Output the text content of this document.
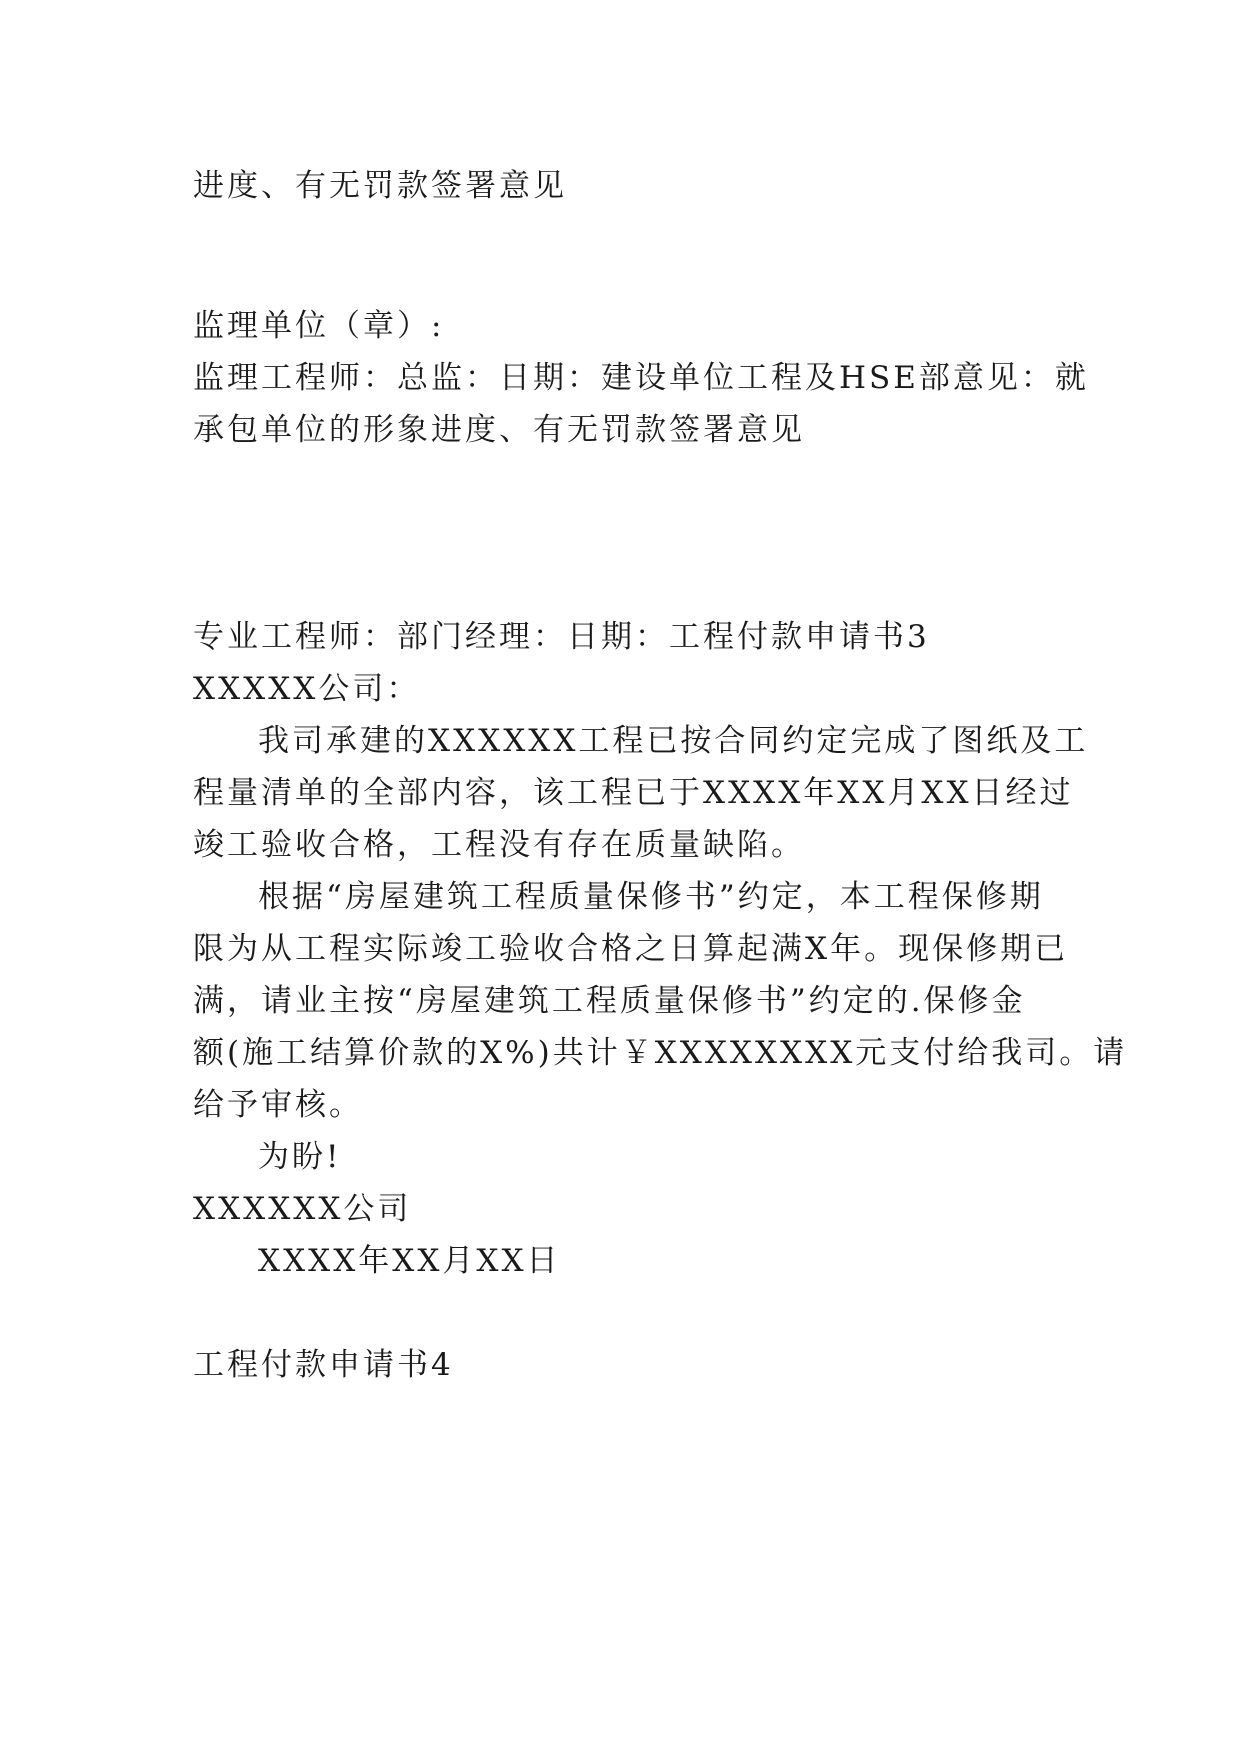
进度、有无罚款签署意见
监理单位（章）:
监理工程师：总监：日期：建设单位工程及HSE部意见：就
承包单位的形象进度、有无罚款签署意见
专业工程师：部门经理：日期：工程付款申请书3
XXXXX公司：
我司承建的XXXXXX工程已按合同约定完成了图纸及工
程量清单的全部内容，该工程已于XXXX年XX月XX日经过
竣工验收合格，工程没有存在质量缺陷。
根据“房屋建筑工程质量保修书”约定，本工程保修期
限为从工程实际竣工验收合格之日算起满X年。现保修期已
满，请业主按“房屋建筑工程质量保修书”约定的.保修金
额(施工结算价款的X%)共计￥XXXXXXXX元支付给我司。请
给予审核。
为盼!
XXXXXX公司
XXXX年XX月XX日
工程付款申请书4
